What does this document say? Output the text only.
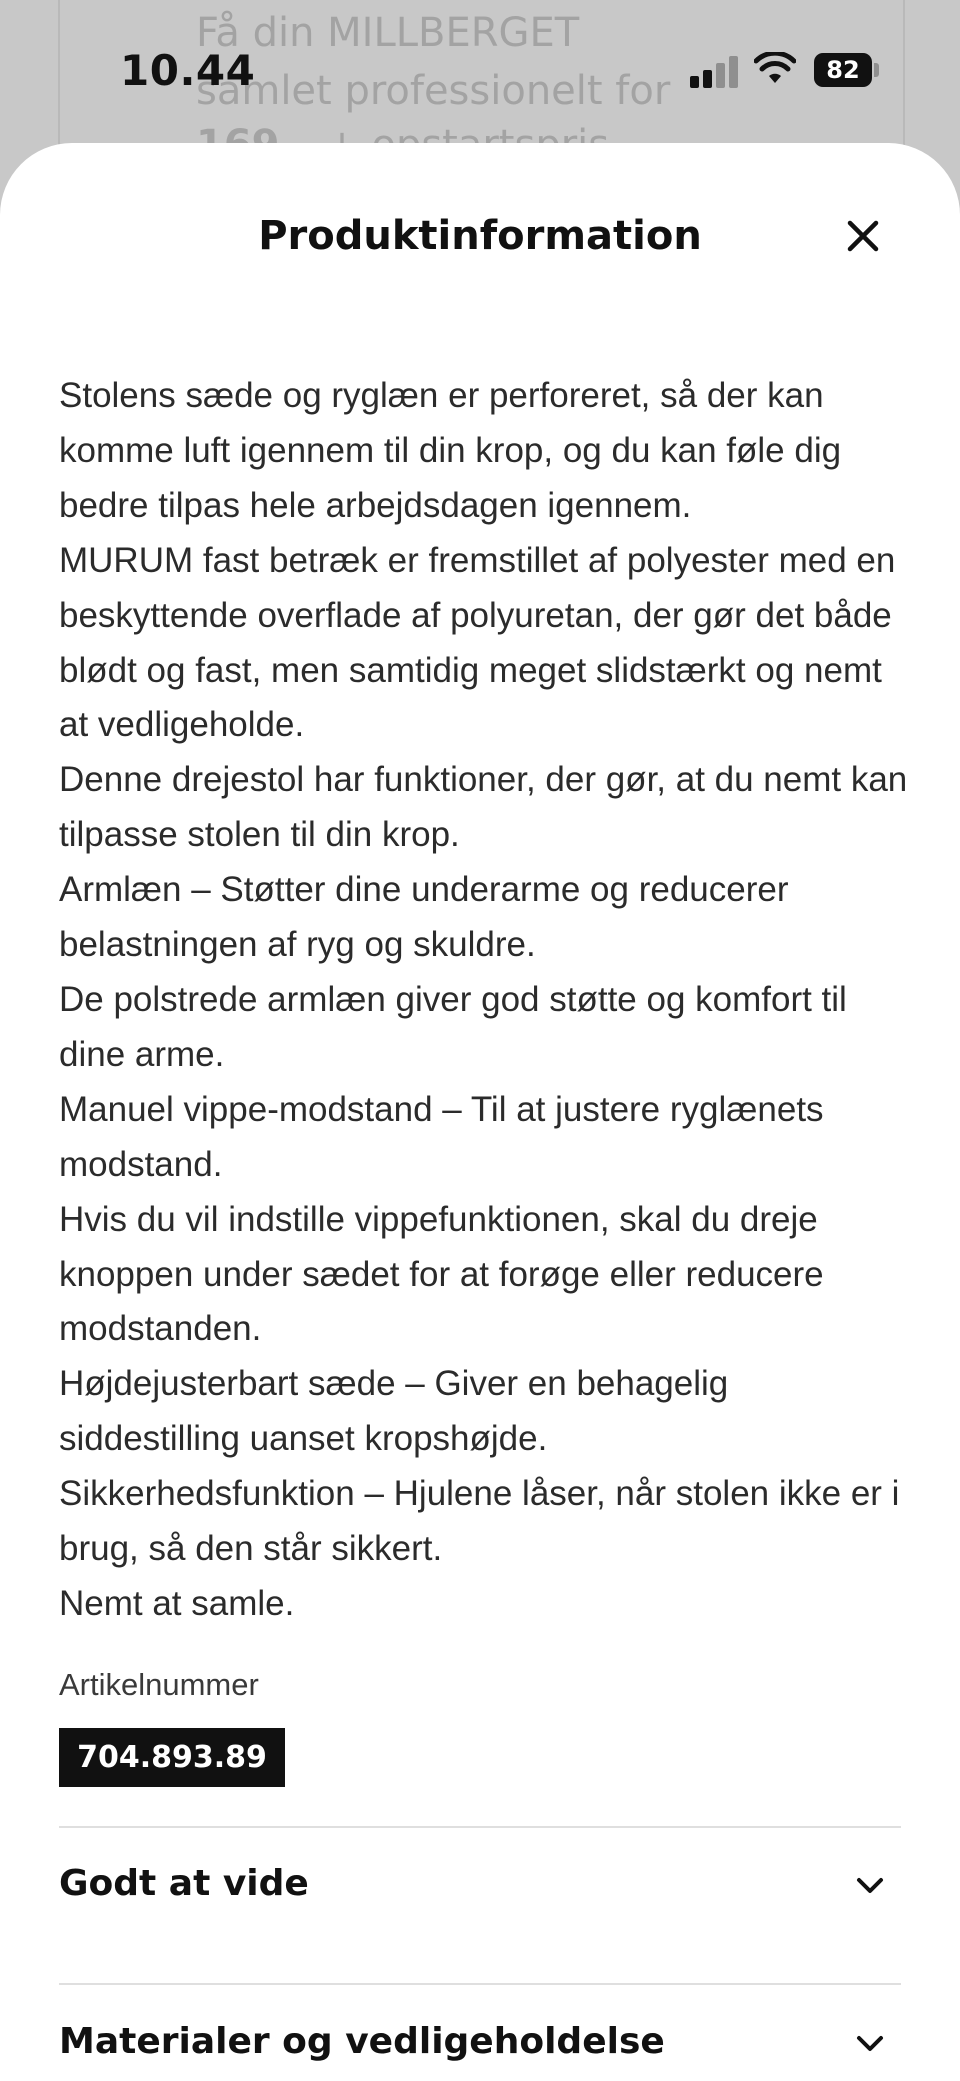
Få din MILLBERGET samlet professionelt for
10.44	82
Produktinformation

Stolens sæde og ryglæn er perforeret, så der kan komme luft igennem til din krop, og du kan føle dig bedre tilpas hele arbejdsdagen igennem.

MURUM fast betræk er fremstillet af polyester med en beskyttende overflade af polyuretan, der gør det både blødt og fast, men samtidig meget slidstærkt og nemt at vedligeholde.

Denne drejestol har funktioner, der gør, at du nemt kan tilpasse stolen til din krop.

Armlæn – Støtter dine underarme og reducerer belastningen af ryg og skuldre.

De polstrede armlæn giver god støtte og komfort til dine arme.

Manuel vippe-modstand – Til at justere ryglænets modstand.

Hvis du vil indstille vippefunktionen, skal du dreje knoppen under sædet for at forøge eller reducere modstanden.

Højdejusterbart sæde – Giver en behagelig siddestilling uanset kropshøjde.

Sikkerhedsfunktion – Hjulene låser, når stolen ikke er i brug, så den står sikkert.

Nemt at samle.

Artikelnummer
704.893.89
Godt at vide
Materialer og vedligeholdelse
